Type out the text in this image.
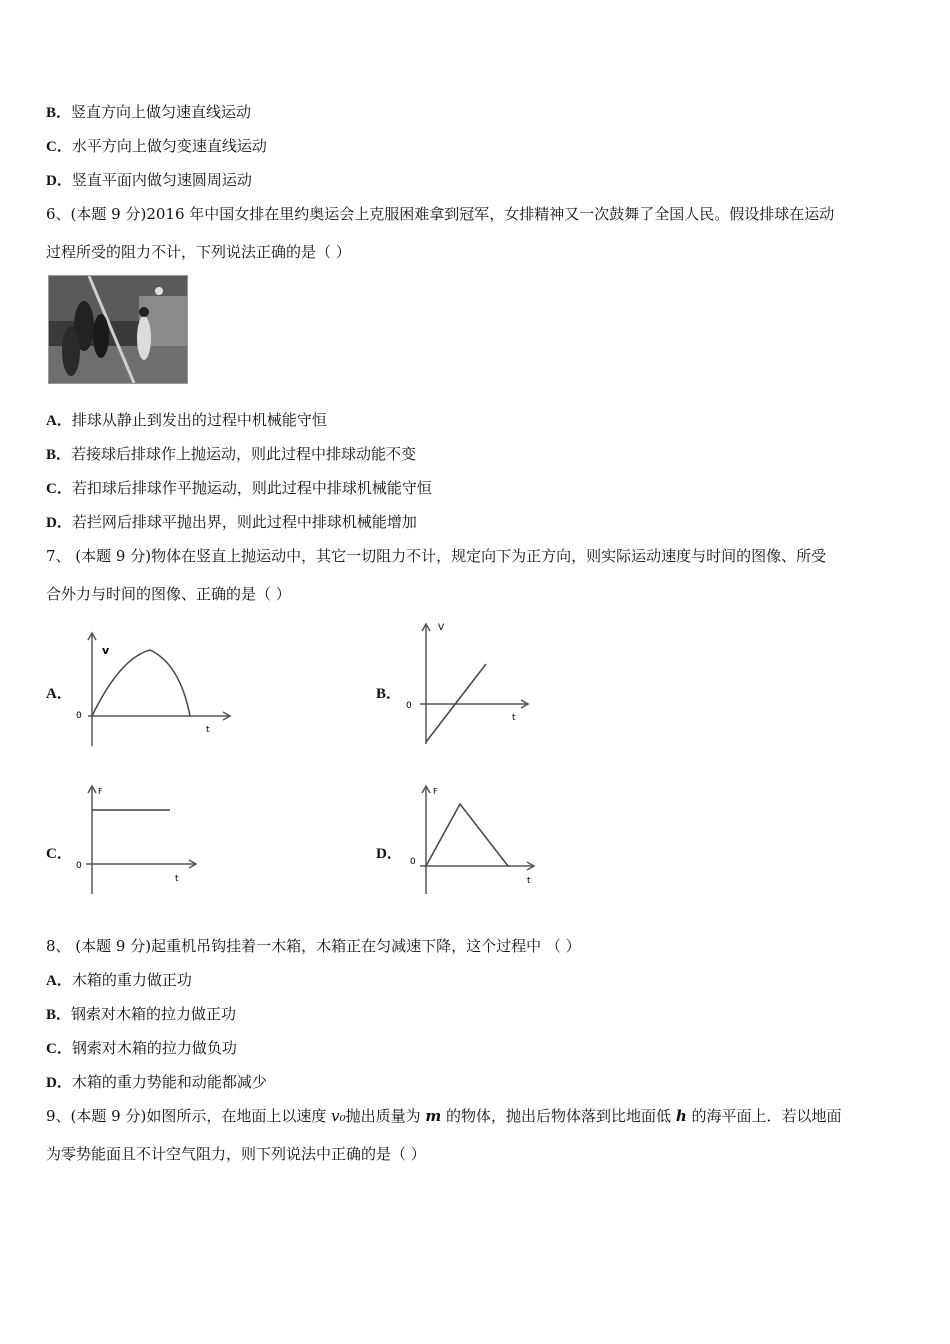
B．竖直方向上做匀速直线运动
C．水平方向上做匀变速直线运动
D．竖直平面内做匀速圆周运动
6、(本题 9 分)2016 年中国女排在里约奥运会上克服困难拿到冠军，女排精神又一次鼓舞了全国人民。假设排球在运动
过程所受的阻力不计，下列说法正确的是（ ）
A．排球从静止到发出的过程中机械能守恒
B．若接球后排球作上抛运动，则此过程中排球动能不变
C．若扣球后排球作平抛运动，则此过程中排球机械能守恒
D．若拦网后排球平抛出界，则此过程中排球机械能增加
7、 (本题 9 分)物体在竖直上抛运动中，其它一切阻力不计，规定向下为正方向，则实际运动速度与时间的图像、所受
合外力与时间的图像、正确的是（ ）
A．
v
t
0
B．
V
t
0
C．
F
t
0
D．
F
t
0
8、 (本题 9 分)起重机吊钩挂着一木箱，木箱正在匀减速下降，这个过程中 （ ）
A．木箱的重力做正功
B．钢索对木箱的拉力做正功
C．钢索对木箱的拉力做负功
D．木箱的重力势能和动能都减少
9、(本题 9 分)如图所示，在地面上以速度 v₀抛出质量为 m 的物体，抛出后物体落到比地面低 h 的海平面上．若以地面
为零势能面且不计空气阻力，则下列说法中正确的是（ ）
